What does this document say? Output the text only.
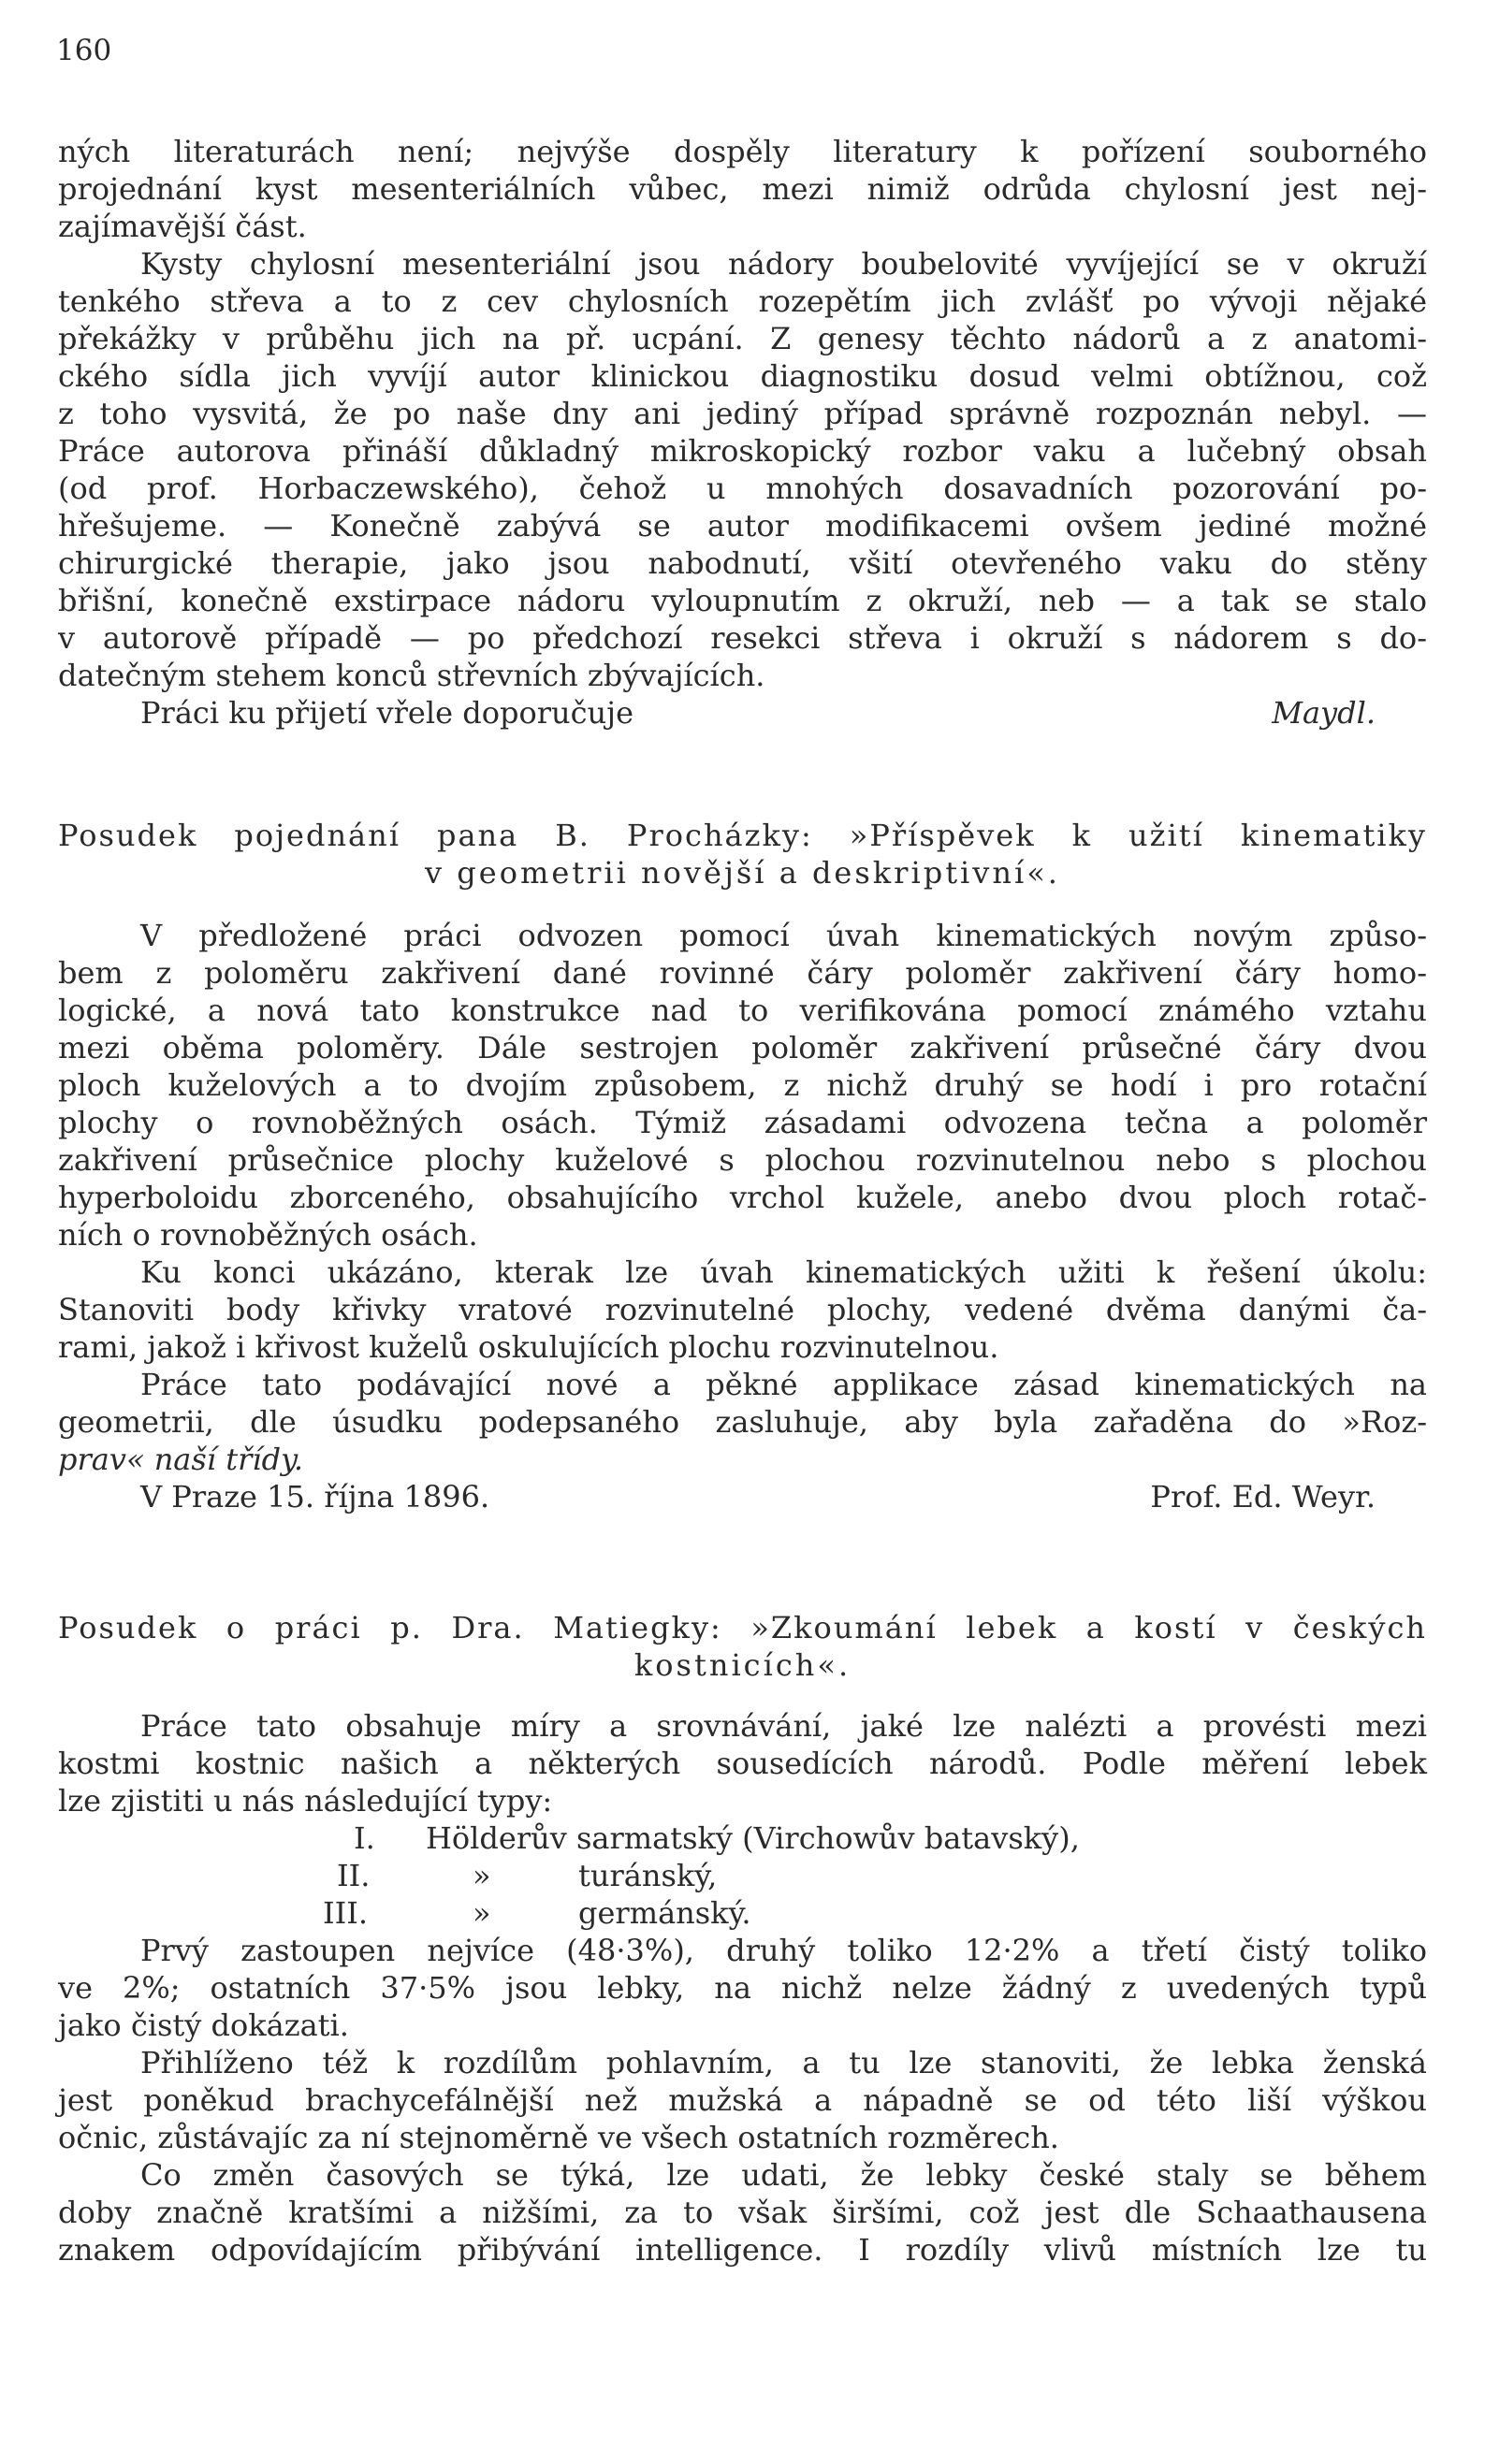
160

ných literaturách není; nejvýše dospěly literatury k pořízení souborného

projednání kyst mesenteriálních vůbec, mezi nimiž odrůda chylosní jest nej-

zajímavější část.

Kysty chylosní mesenteriální jsou nádory boubelovité vyvíjející se v okruží

tenkého střeva a to z cev chylosních rozepětím jich zvlášť po vývoji nějaké

překážky v průběhu jich na př. ucpání. Z genesy těchto nádorů a z anatomi-

ckého sídla jich vyvíjí autor klinickou diagnostiku dosud velmi obtížnou, což

z toho vysvitá, že po naše dny ani jediný případ správně rozpoznán nebyl. —

Práce autorova přináší důkladný mikroskopický rozbor vaku a lučebný obsah

(od prof. Horbaczewského), čehož u mnohých dosavadních pozorování po-

hřešujeme. — Konečně zabývá se autor modifikacemi ovšem jediné možné

chirurgické therapie, jako jsou nabodnutí, všití otevřeného vaku do stěny

břišní, konečně exstirpace nádoru vyloupnutím z okruží, neb — a tak se stalo

v autorově případě — po předchozí resekci střeva i okruží s nádorem s do-

datečným stehem konců střevních zbývajících.

Práci ku přijetí vřele doporučuje	Maydl.

Posudek pojednání pana B. Procházky: »Příspěvek k užití kinematiky

v geometrii novější a deskriptivní«.

V předložené práci odvozen pomocí úvah kinematických novým způso-

bem z poloměru zakřivení dané rovinné čáry poloměr zakřivení čáry homo-

logické, a nová tato konstrukce nad to verifikována pomocí známého vztahu

mezi oběma poloměry. Dále sestrojen poloměr zakřivení průsečné čáry dvou

ploch kuželových a to dvojím způsobem, z nichž druhý se hodí i pro rotační

plochy o rovnoběžných osách. Týmiž zásadami odvozena tečna a poloměr

zakřivení průsečnice plochy kuželové s plochou rozvinutelnou nebo s plochou

hyperboloidu zborceného, obsahujícího vrchol kužele, anebo dvou ploch rotač-

ních o rovnoběžných osách.

Ku konci ukázáno, kterak lze úvah kinematických užiti k řešení úkolu:

Stanoviti body křivky vratové rozvinutelné plochy, vedené dvěma danými ča-

rami, jakož i křivost kuželů oskulujících plochu rozvinutelnou.

Práce tato podávající nové a pěkné applikace zásad kinematických na

geometrii, dle úsudku podepsaného zasluhuje, aby byla zařaděna do »Roz-

prav« naší třídy.

V Praze 15. října 1896.	Prof. Ed. Weyr.

Posudek o práci p. Dra. Matiegky: »Zkoumání lebek a kostí v českých

kostnicích«.

Práce tato obsahuje míry a srovnávání, jaké lze nalézti a provésti mezi

kostmi kostnic našich a některých sousedících národů. Podle měření lebek

lze zjistiti u nás následující typy:

I. Hölderův sarmatský (Virchowův batavský),
II.	»	turánský,
III.	»	germánský.

Prvý zastoupen nejvíce (48·3%), druhý toliko 12·2% a třetí čistý toliko

ve 2%; ostatních 37·5% jsou lebky, na nichž nelze žádný z uvedených typů

jako čistý dokázati.

Přihlíženo též k rozdílům pohlavním, a tu lze stanoviti, že lebka ženská

jest poněkud brachycefálnější než mužská a nápadně se od této liší výškou

očnic, zůstávajíc za ní stejnoměrně ve všech ostatních rozměrech.

Co změn časových se týká, lze udati, že lebky české staly se během

doby značně kratšími a nižšími, za to však širšími, což jest dle Schaathausena

znakem odpovídajícím přibývání intelligence. I rozdíly vlivů místních lze tu
